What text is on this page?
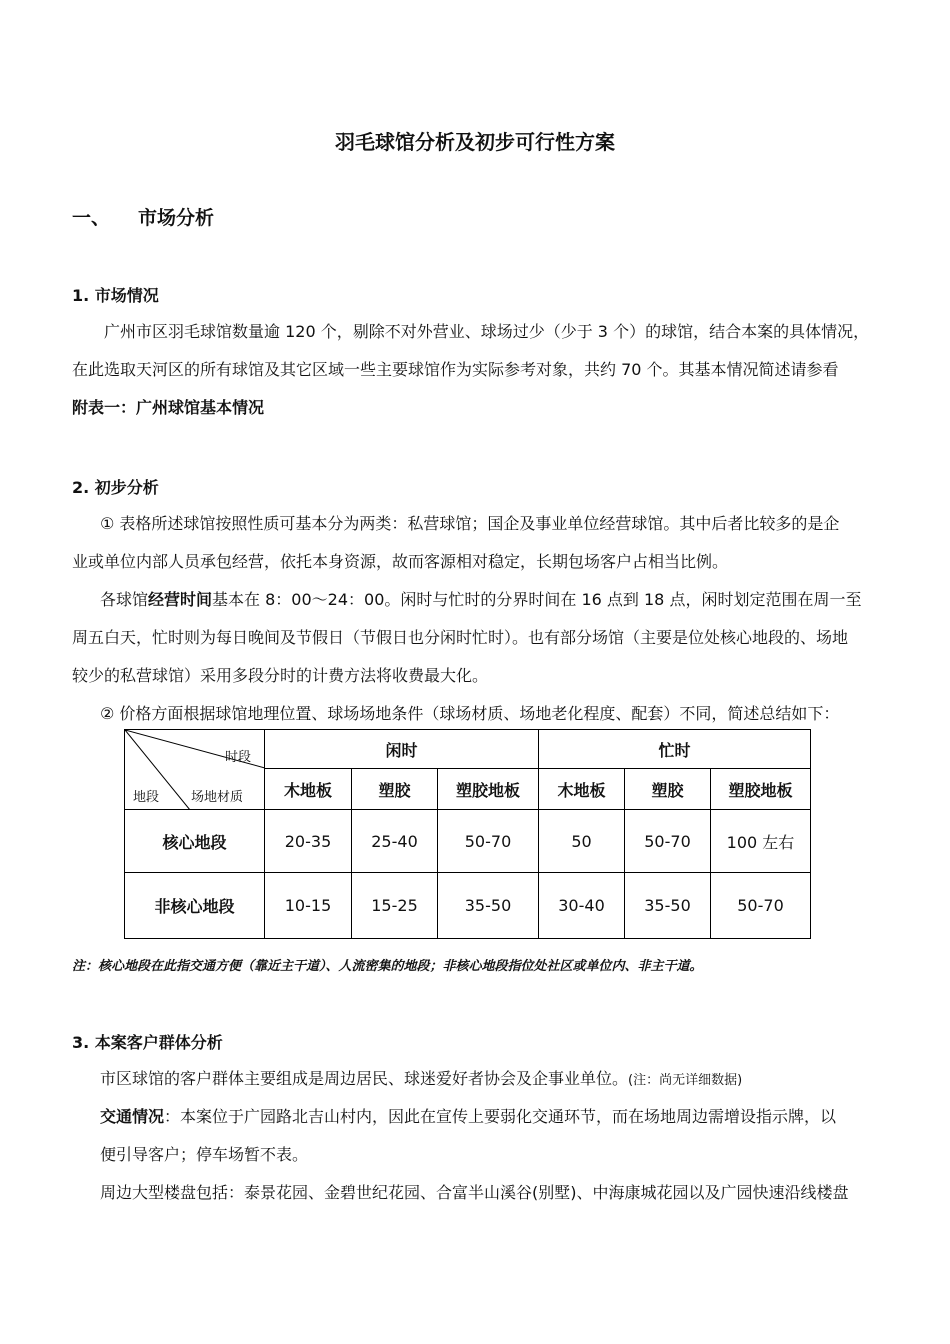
羽毛球馆分析及初步可行性方案
一、 市场分析
1. 市场情况
广州市区羽毛球馆数量逾 120 个，剔除不对外营业、球场过少（少于 3 个）的球馆，结合本案的具体情况，
在此选取天河区的所有球馆及其它区域一些主要球馆作为实际参考对象，共约 70 个。其基本情况简述请参看
附表一：广州球馆基本情况
2. 初步分析
① 表格所述球馆按照性质可基本分为两类：私营球馆；国企及事业单位经营球馆。其中后者比较多的是企
业或单位内部人员承包经营，依托本身资源，故而客源相对稳定，长期包场客户占相当比例。
各球馆经营时间基本在 8：00～24：00。闲时与忙时的分界时间在 16 点到 18 点，闲时划定范围在周一至
周五白天，忙时则为每日晚间及节假日（节假日也分闲时忙时）。也有部分场馆（主要是位处核心地段的、场地
较少的私营球馆）采用多段分时的计费方法将收费最大化。
② 价格方面根据球馆地理位置、球场场地条件（球场材质、场地老化程度、配套）不同，简述总结如下：
时段
地段 场地材质	闲时			忙时		
	木地板	塑胶	塑胶地板	木地板	塑胶	塑胶地板
核心地段	20-35	25-40	50-70	50	50-70	100 左右
非核心地段	10-15	15-25	35-50	30-40	35-50	50-70
注：核心地段在此指交通方便（靠近主干道）、人流密集的地段；非核心地段指位处社区或单位内、非主干道。
3. 本案客户群体分析
市区球馆的客户群体主要组成是周边居民、球迷爱好者协会及企事业单位。(注：尚无详细数据)
交通情况：本案位于广园路北吉山村内，因此在宣传上要弱化交通环节，而在场地周边需增设指示牌，以
便引导客户；停车场暂不表。
周边大型楼盘包括：泰景花园、金碧世纪花园、合富半山溪谷(别墅)、中海康城花园以及广园快速沿线楼盘
